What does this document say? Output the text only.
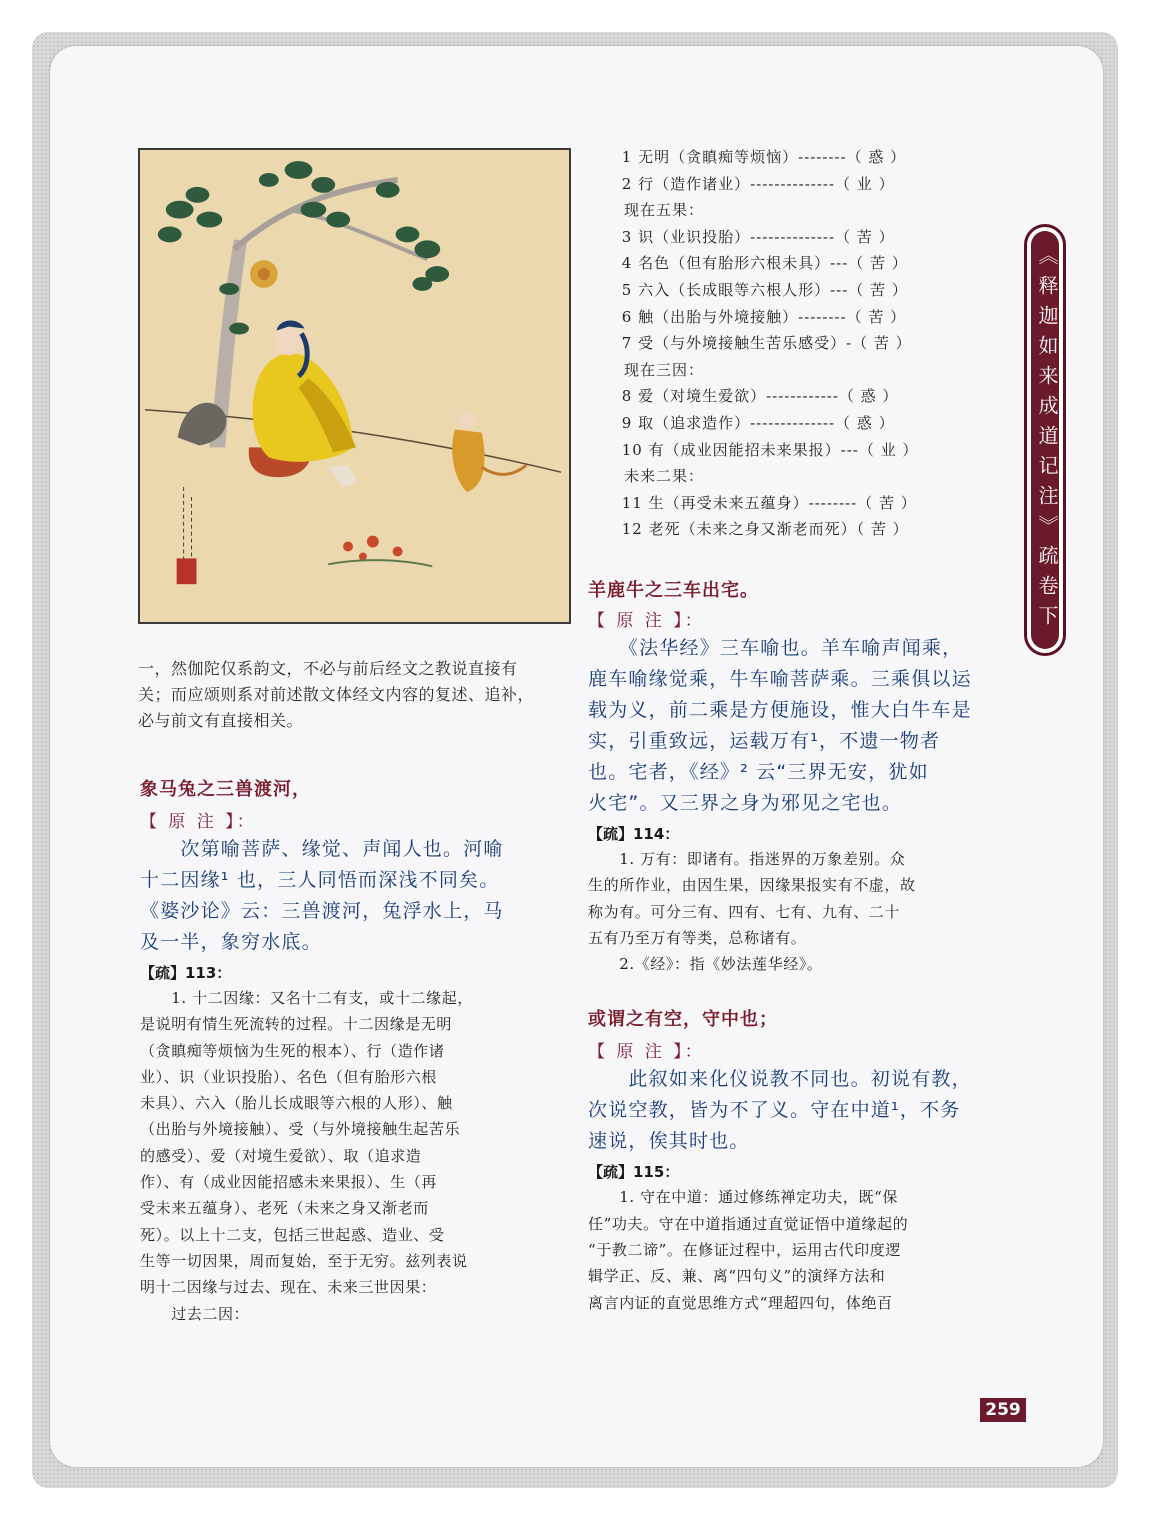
一，然伽陀仅系韵文，不必与前后经文之教说直接有关；而应颂则系对前述散文体经文内容的复述、追补，必与前文有直接相关。
象马兔之三兽渡河，
【 原 注 】：
　　次第喻菩萨、缘觉、声闻人也。河喻
十二因缘¹ 也，三人同悟而深浅不同矣。
《婆沙论》云：三兽渡河，兔浮水上，马
及一半，象穷水底。
【疏】113：
　　1. 十二因缘：又名十二有支，或十二缘起，
是说明有情生死流转的过程。十二因缘是无明
（贪瞋痴等烦恼为生死的根本）、行（造作诸
业）、识（业识投胎）、名色（但有胎形六根
未具）、六入（胎儿长成眼等六根的人形）、触
（出胎与外境接触）、受（与外境接触生起苦乐
的感受）、爱（对境生爱欲）、取（追求造
作）、有（成业因能招感未来果报）、生（再
受未来五蕴身）、老死（未来之身又渐老而
死）。以上十二支，包括三世起惑、造业、受
生等一切因果，周而复始，至于无穷。兹列表说
明十二因缘与过去、现在、未来三世因果：
　　过去二因：
　 1 无明（贪瞋痴等烦恼）--------（ 惑 ）
　 2 行（造作诸业）--------------（ 业 ）
现在五果：
　 3 识（业识投胎）--------------（ 苦 ）
　 4 名色（但有胎形六根未具）---（ 苦 ）
　 5 六入（长成眼等六根人形）---（ 苦 ）
　 6 触（出胎与外境接触）--------（ 苦 ）
　 7 受（与外境接触生苦乐感受）-（ 苦 ）
现在三因：
　 8 爱（对境生爱欲）------------（ 惑 ）
　 9 取（追求造作）--------------（ 惑 ）
　 10 有（成业因能招未来果报）---（ 业 ）
未来二果：
　 11 生（再受未来五蕴身）--------（ 苦 ）
　 12 老死（未来之身又渐老而死）（ 苦 ）
羊鹿牛之三车出宅。
【 原 注 】：
　　《法华经》三车喻也。羊车喻声闻乘，
鹿车喻缘觉乘，牛车喻菩萨乘。三乘俱以运
载为义，前二乘是方便施设，惟大白牛车是
实，引重致远，运载万有¹，不遗一物者
也。宅者，《经》² 云“三界无安，犹如
火宅”。又三界之身为邪见之宅也。
【疏】114：
　　1. 万有：即诸有。指迷界的万象差别。众
生的所作业，由因生果，因缘果报实有不虚，故
称为有。可分三有、四有、七有、九有、二十
五有乃至万有等类，总称诸有。
　　2.《经》：指《妙法莲华经》。
或谓之有空，守中也；
【 原 注 】：
　　此叙如来化仪说教不同也。初说有教，
次说空教，皆为不了义。守在中道¹，不务
速说，俟其时也。
【疏】115：
　　1. 守在中道：通过修练禅定功夫，既“保
任”功夫。守在中道指通过直觉证悟中道缘起的
“于教二谛”。在修证过程中，运用古代印度逻
辑学正、反、兼、离“四句义”的演绎方法和
离言内证的直觉思维方式“理超四句，体绝百
《释迦如来成道记注》疏卷下
259
